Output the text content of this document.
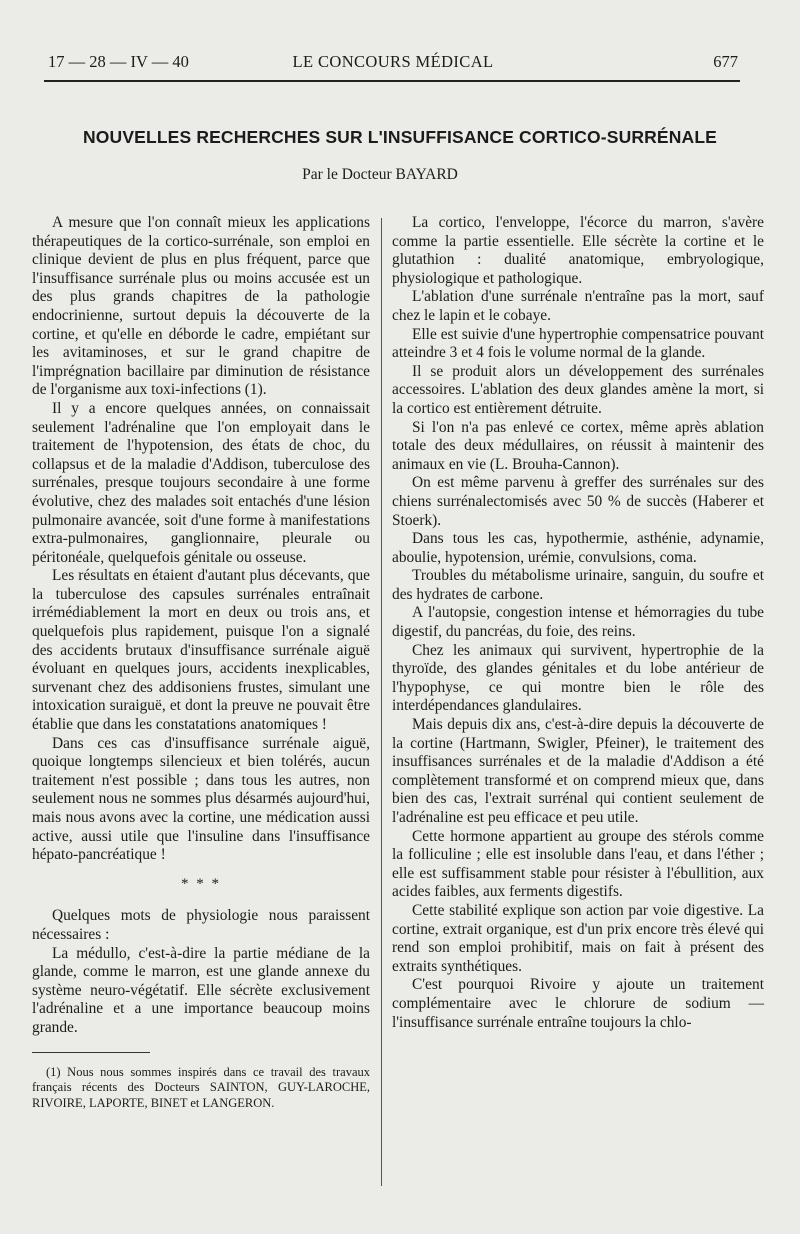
17 — 28 — IV — 40	LE CONCOURS MÉDICAL	677
NOUVELLES RECHERCHES SUR L'INSUFFISANCE CORTICO-SURRÉNALE
Par le Docteur BAYARD

A mesure que l'on connaît mieux les applications thérapeutiques de la cortico-surrénale, son emploi en clinique devient de plus en plus fréquent, parce que l'insuffisance surrénale plus ou moins accusée est un des plus grands chapitres de la pathologie endocrinienne, surtout depuis la découverte de la cortine, et qu'elle en déborde le cadre, empiétant sur les avitaminoses, et sur le grand chapitre de l'imprégnation bacillaire par diminution de résistance de l'organisme aux toxi-infections (1).

Il y a encore quelques années, on connaissait seulement l'adrénaline que l'on employait dans le traitement de l'hypotension, des états de choc, du collapsus et de la maladie d'Addison, tuberculose des surrénales, presque toujours secondaire à une forme évolutive, chez des malades soit entachés d'une lésion pulmonaire avancée, soit d'une forme à manifestations extra-pulmonaires, ganglionnaire, pleurale ou péritonéale, quelquefois génitale ou osseuse.

Les résultats en étaient d'autant plus décevants, que la tuberculose des capsules surrénales entraînait irrémédiablement la mort en deux ou trois ans, et quelquefois plus rapidement, puisque l'on a signalé des accidents brutaux d'insuffisance surrénale aiguë évoluant en quelques jours, accidents inexplicables, survenant chez des addisoniens frustes, simulant une intoxication suraiguë, et dont la preuve ne pouvait être établie que dans les constatations anatomiques !

Dans ces cas d'insuffisance surrénale aiguë, quoique longtemps silencieux et bien tolérés, aucun traitement n'est possible ; dans tous les autres, non seulement nous ne sommes plus désarmés aujourd'hui, mais nous avons avec la cortine, une médication aussi active, aussi utile que l'insuline dans l'insuffisance hépato-pancréatique !

* * *

Quelques mots de physiologie nous paraissent nécessaires :

La médullo, c'est-à-dire la partie médiane de la glande, comme le marron, est une glande annexe du système neuro-végétatif. Elle sécrète exclusivement l'adrénaline et a une importance beaucoup moins grande.

(1) Nous nous sommes inspirés dans ce travail des travaux français récents des Docteurs SAINTON, GUY-LAROCHE, RIVOIRE, LAPORTE, BINET et LANGERON.

La cortico, l'enveloppe, l'écorce du marron, s'avère comme la partie essentielle. Elle sécrète la cortine et le glutathion : dualité anatomique, embryologique, physiologique et pathologique.

L'ablation d'une surrénale n'entraîne pas la mort, sauf chez le lapin et le cobaye.

Elle est suivie d'une hypertrophie compensatrice pouvant atteindre 3 et 4 fois le volume normal de la glande.

Il se produit alors un développement des surrénales accessoires. L'ablation des deux glandes amène la mort, si la cortico est entièrement détruite.

Si l'on n'a pas enlevé ce cortex, même après ablation totale des deux médullaires, on réussit à maintenir des animaux en vie (L. Brouha-Cannon).

On est même parvenu à greffer des surrénales sur des chiens surrénalectomisés avec 50 % de succès (Haberer et Stoerk).

Dans tous les cas, hypothermie, asthénie, adynamie, aboulie, hypotension, urémie, convulsions, coma.

Troubles du métabolisme urinaire, sanguin, du soufre et des hydrates de carbone.

A l'autopsie, congestion intense et hémorragies du tube digestif, du pancréas, du foie, des reins.

Chez les animaux qui survivent, hypertrophie de la thyroïde, des glandes génitales et du lobe antérieur de l'hypophyse, ce qui montre bien le rôle des interdépendances glandulaires.

Mais depuis dix ans, c'est-à-dire depuis la découverte de la cortine (Hartmann, Swigler, Pfeiner), le traitement des insuffisances surrénales et de la maladie d'Addison a été complètement transformé et on comprend mieux que, dans bien des cas, l'extrait surrénal qui contient seulement de l'adrénaline est peu efficace et peu utile.

Cette hormone appartient au groupe des stérols comme la folliculine ; elle est insoluble dans l'eau, et dans l'éther ; elle est suffisamment stable pour résister à l'ébullition, aux acides faibles, aux ferments digestifs.

Cette stabilité explique son action par voie digestive. La cortine, extrait organique, est d'un prix encore très élevé qui rend son emploi prohibitif, mais on fait à présent des extraits synthétiques.

C'est pourquoi Rivoire y ajoute un traitement complémentaire avec le chlorure de sodium — l'insuffisance surrénale entraîne toujours la chlo-
